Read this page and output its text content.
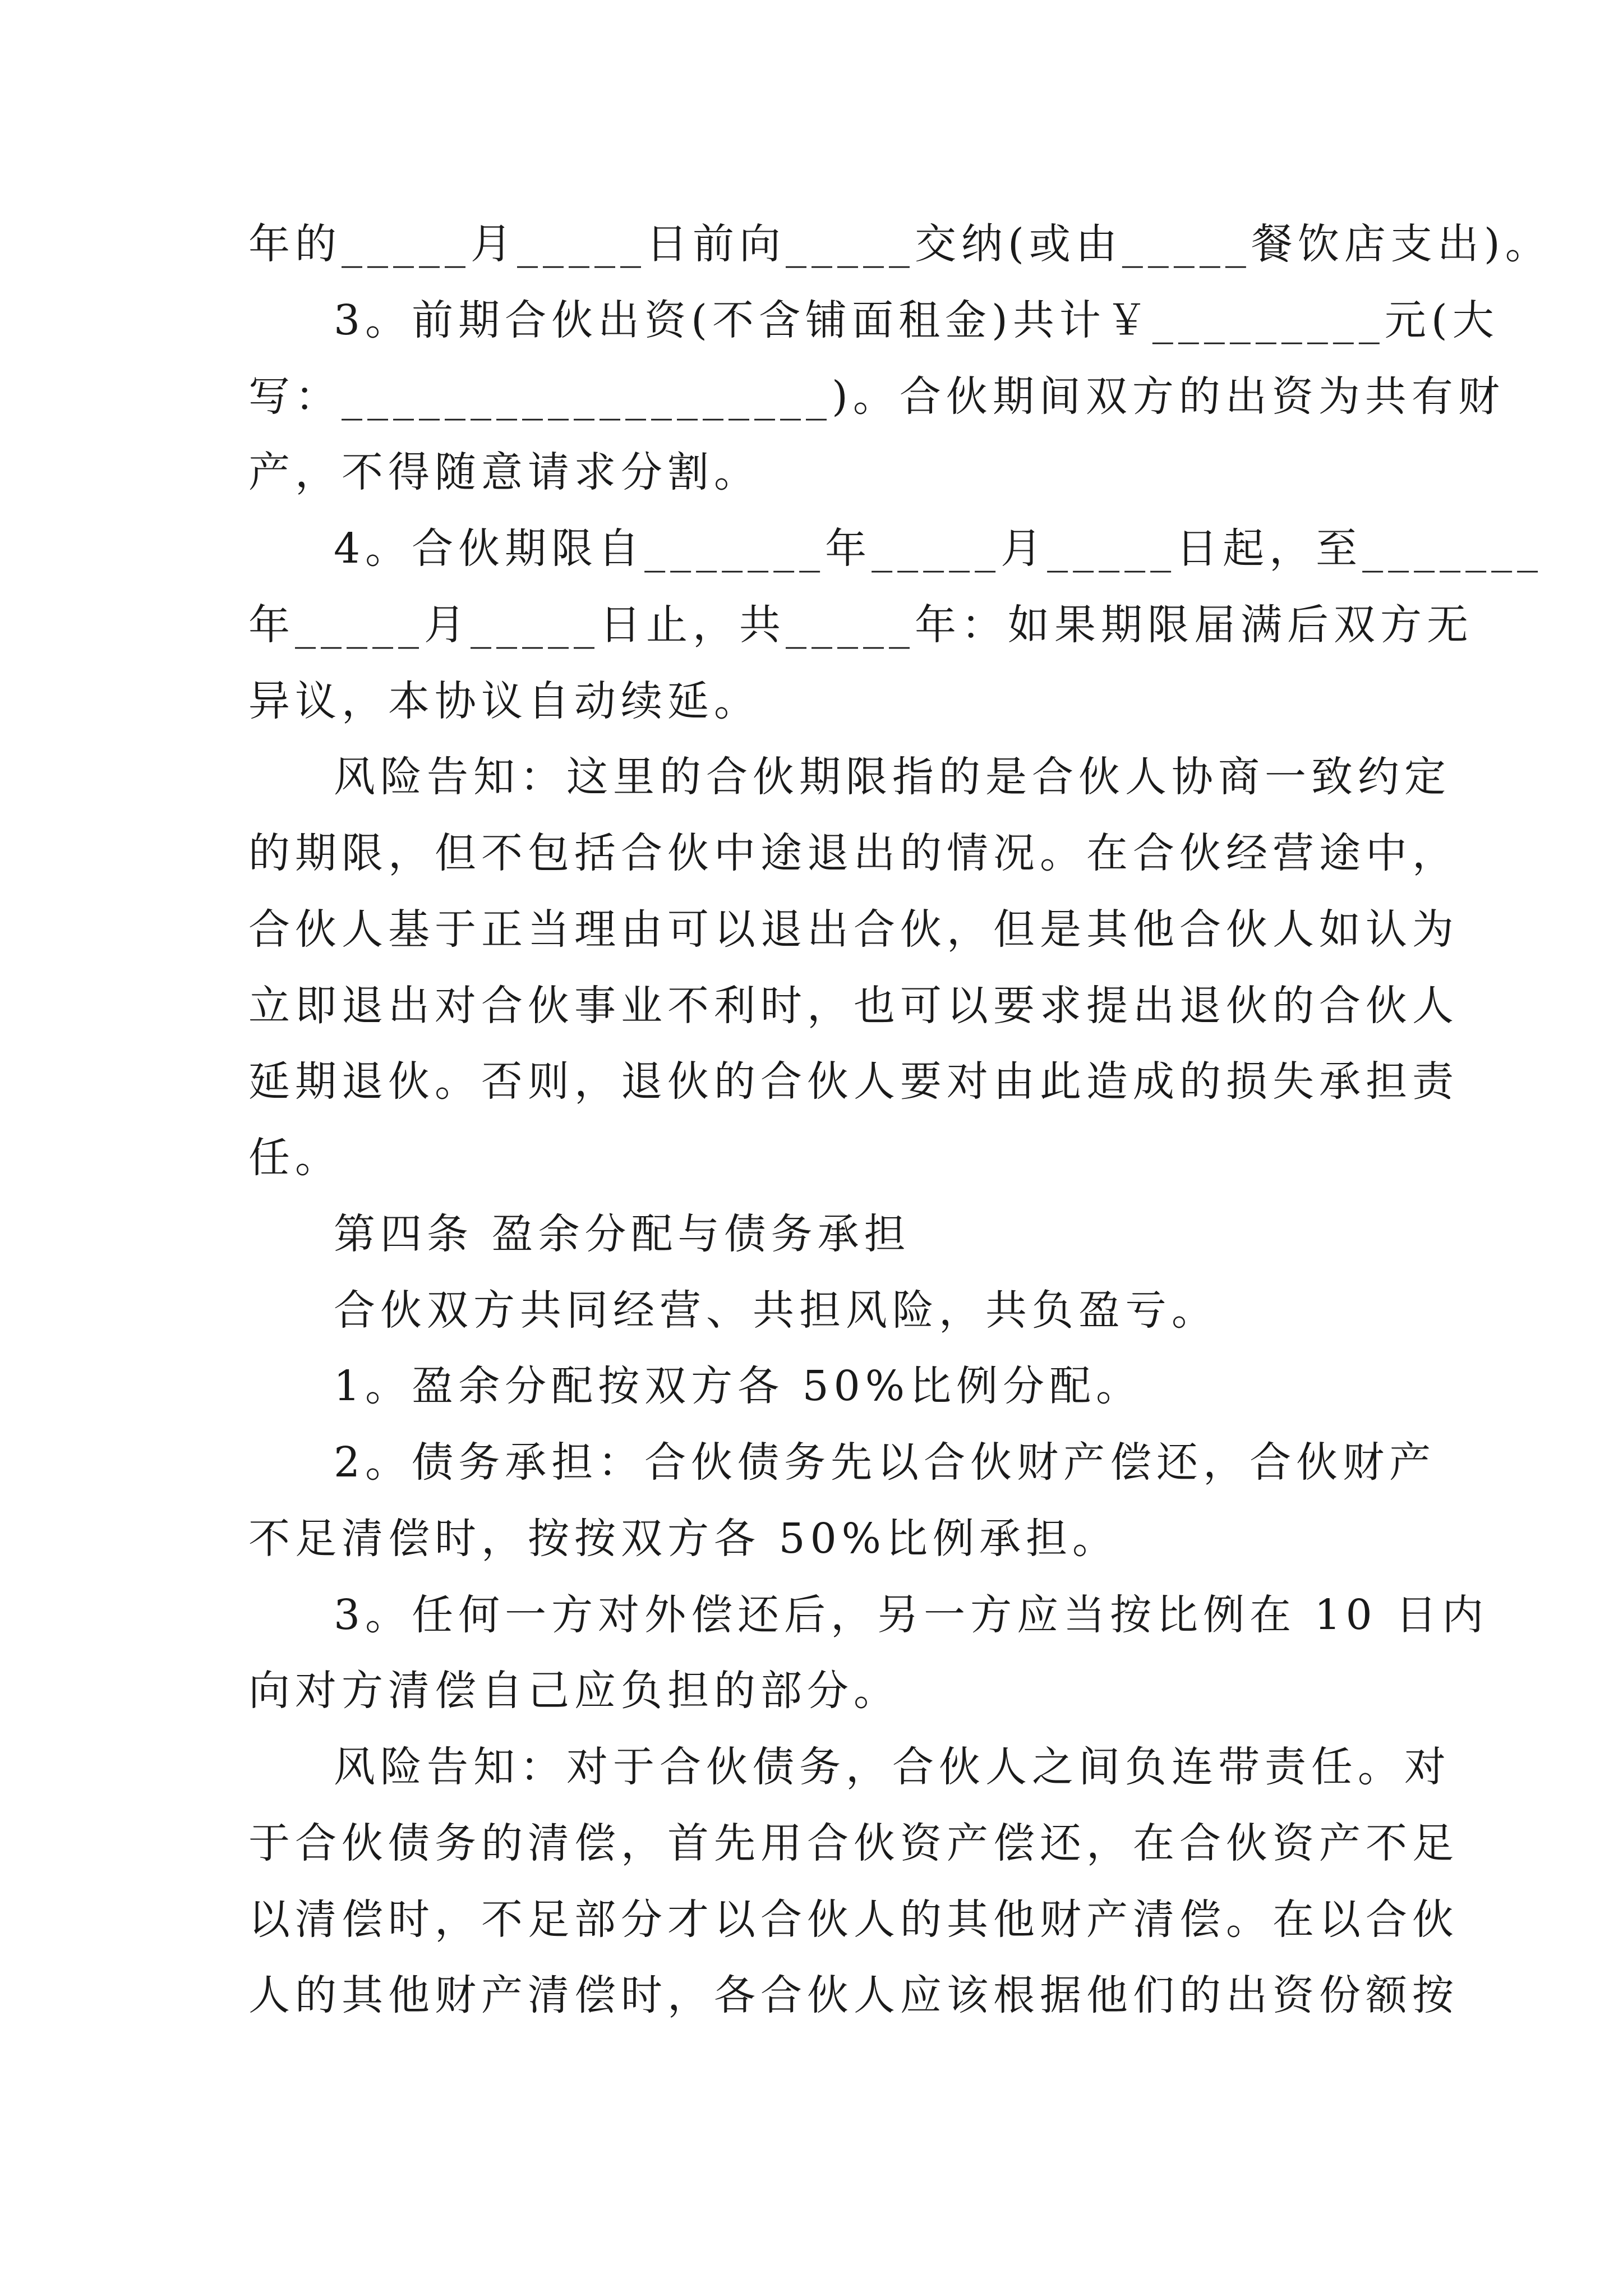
年的_____月_____日前向_____交纳(或由_____餐饮店支出)。
3。前期合伙出资(不含铺面租金)共计￥_________元(大
写：___________________)。合伙期间双方的出资为共有财
产，不得随意请求分割。
4。合伙期限自_______年_____月_____日起，至_______
年_____月_____日止，共_____年：如果期限届满后双方无
异议，本协议自动续延。
风险告知：这里的合伙期限指的是合伙人协商一致约定
的期限，但不包括合伙中途退出的情况。在合伙经营途中，
合伙人基于正当理由可以退出合伙，但是其他合伙人如认为
立即退出对合伙事业不利时，也可以要求提出退伙的合伙人
延期退伙。否则，退伙的合伙人要对由此造成的损失承担责
任。
第四条 盈余分配与债务承担
合伙双方共同经营、共担风险，共负盈亏。
1。盈余分配按双方各 50%比例分配。
2。债务承担：合伙债务先以合伙财产偿还，合伙财产
不足清偿时，按按双方各 50%比例承担。
3。任何一方对外偿还后，另一方应当按比例在 10 日内
向对方清偿自己应负担的部分。
风险告知：对于合伙债务，合伙人之间负连带责任。对
于合伙债务的清偿，首先用合伙资产偿还，在合伙资产不足
以清偿时，不足部分才以合伙人的其他财产清偿。在以合伙
人的其他财产清偿时，各合伙人应该根据他们的出资份额按
